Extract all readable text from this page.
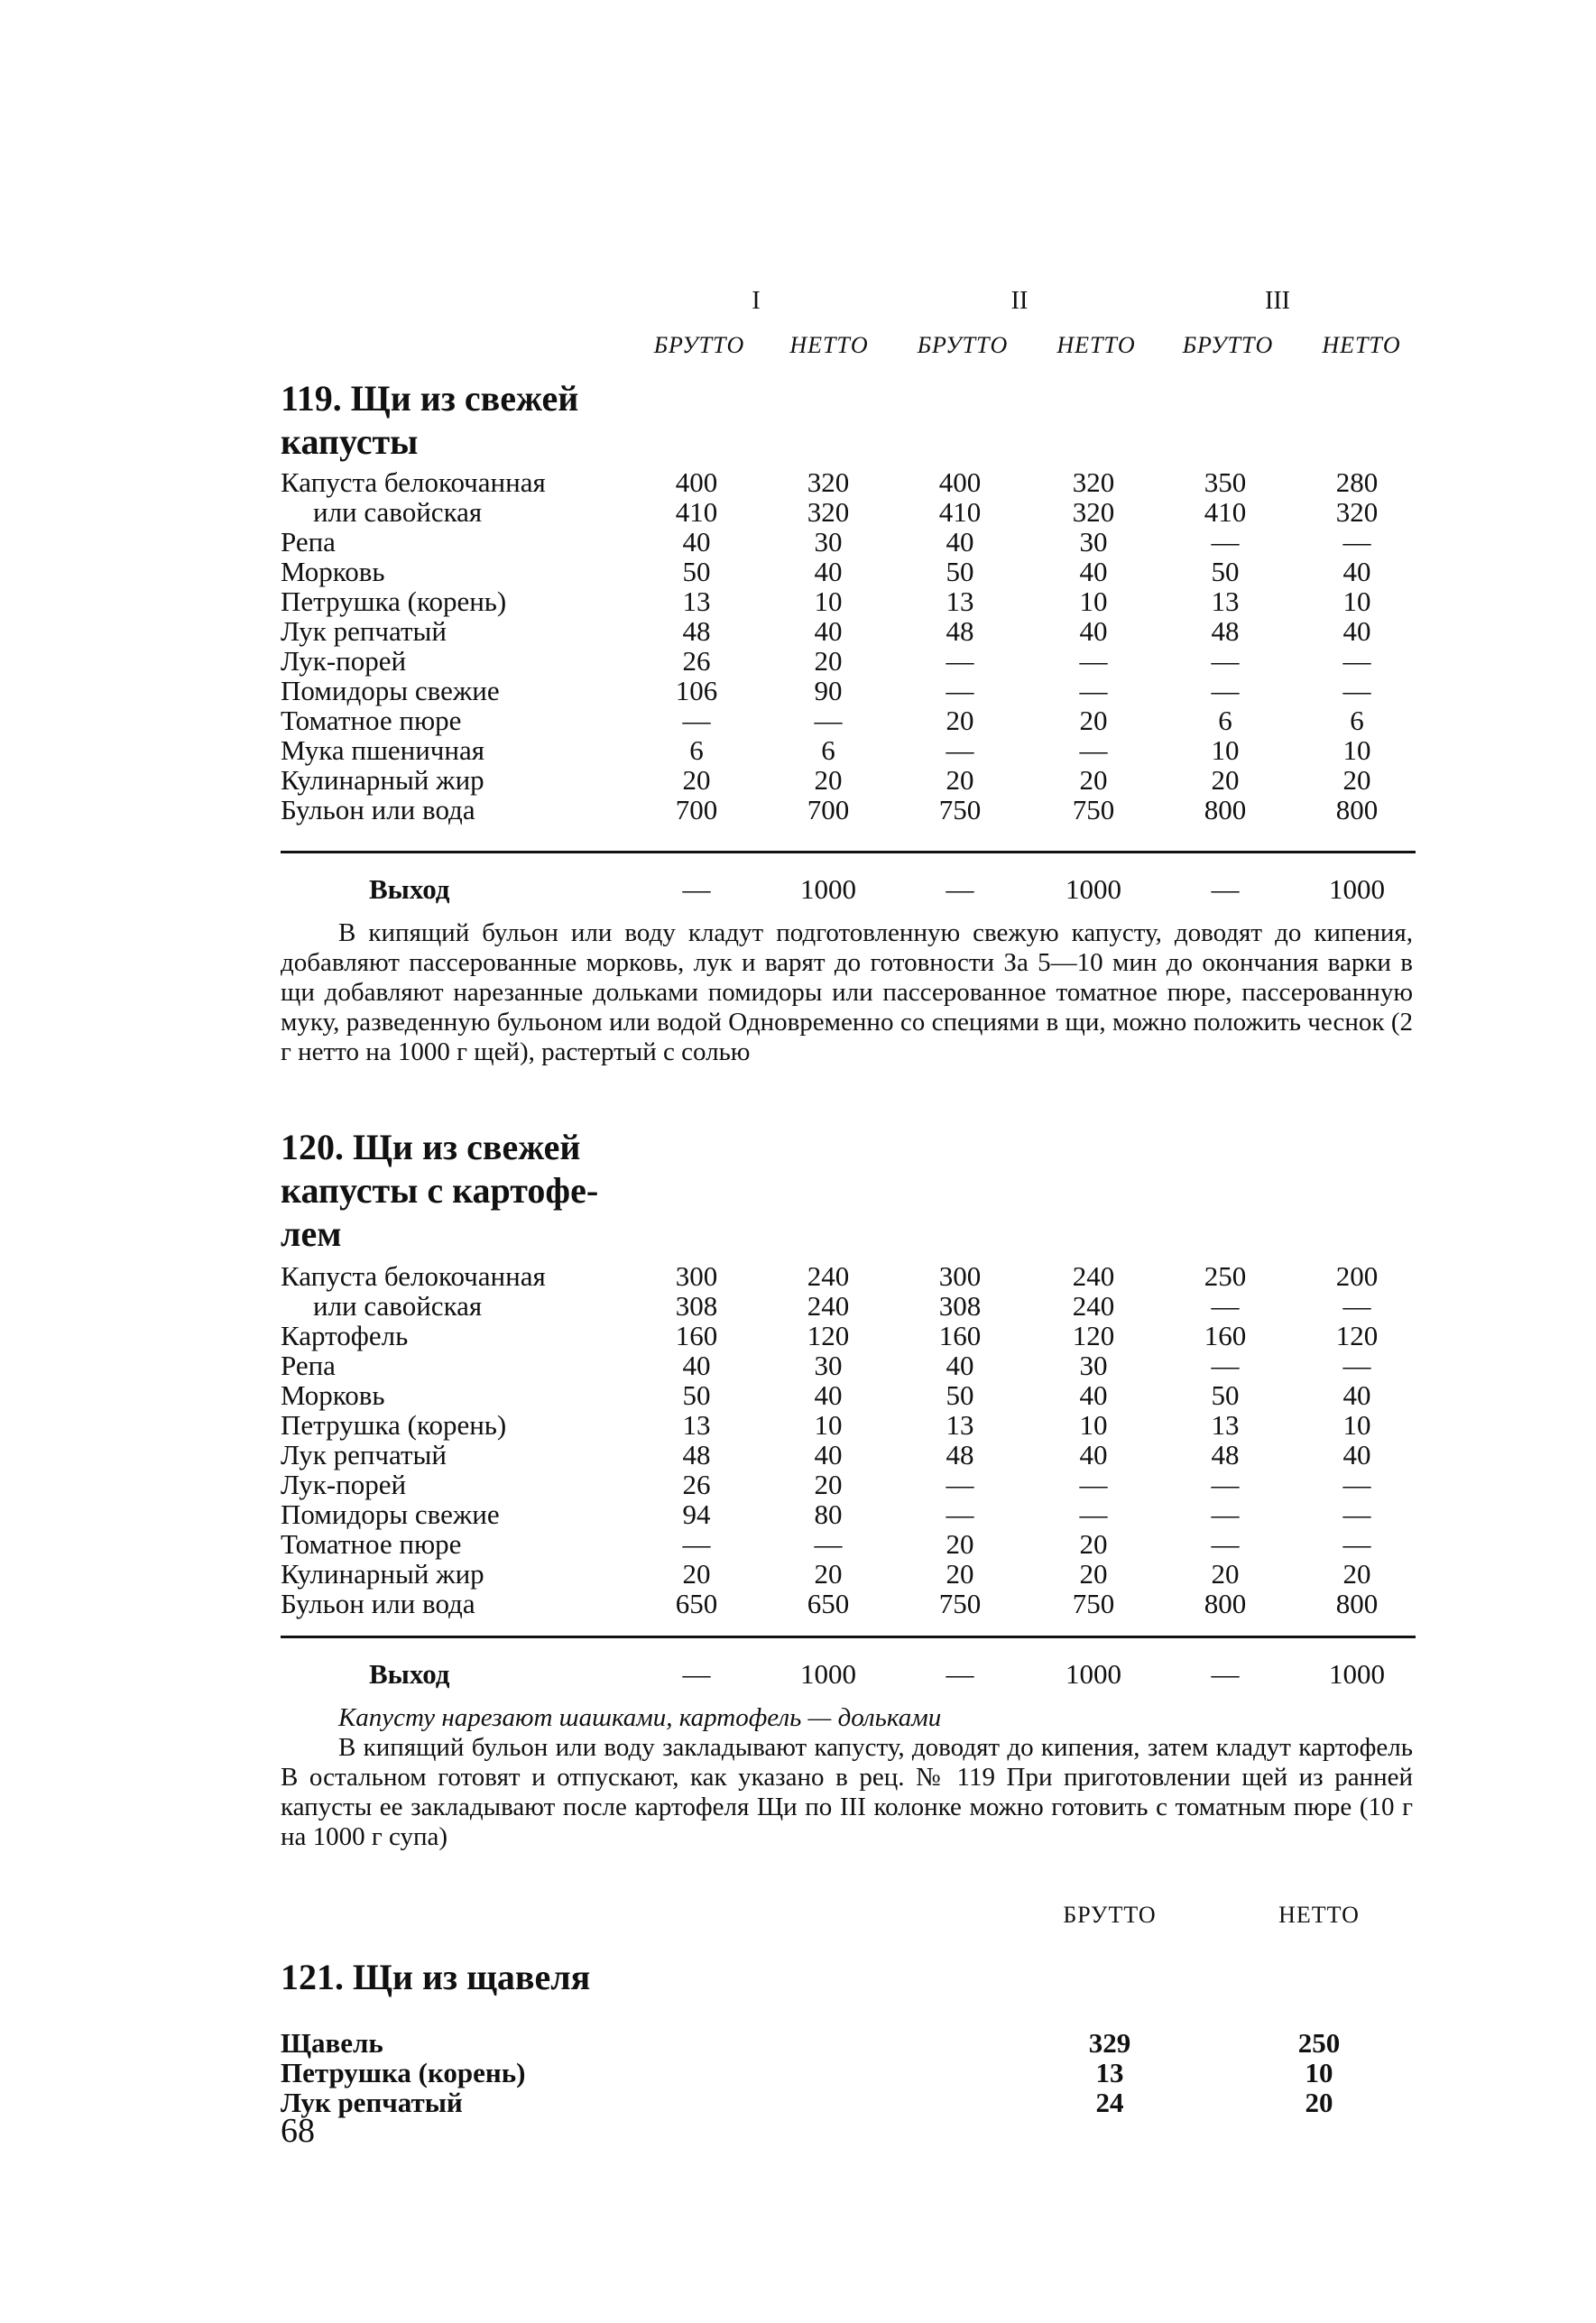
I	II	III
БРУТТО	НЕТТО	БРУТТО	НЕТТО	БРУТТО	НЕТТО
119. Щи из свежей
капусты
Капуста белокочанная	400	320	400	320	350	280
или савойская	410	320	410	320	410	320
Репа	40	30	40	30	—	—
Морковь	50	40	50	40	50	40
Петрушка (корень)	13	10	13	10	13	10
Лук репчатый	48	40	48	40	48	40
Лук-порей	26	20	—	—	—	—
Помидоры свежие	106	90	—	—	—	—
Томатное пюре	—	—	20	20	6	6
Мука пшеничная	6	6	—	—	10	10
Кулинарный жир	20	20	20	20	20	20
Бульон или вода	700	700	750	750	800	800
Выход	—	1000	—	1000	—	1000
В кипящий бульон или воду кладут подготовленную свежую капусту, доводят до кипения, добавляют пассерованные морковь, лук и варят до готовности За 5—10 мин до окончания варки в щи добавляют нарезанные дольками помидоры или пассерованное томатное пюре, пассерованную муку, разведенную бульоном или водой Одновременно со специями в щи, можно положить чеснок (2 г нетто на 1000 г щей), растертый с солью
120. Щи из свежей
капусты с картофе-
лем
Капуста белокочанная	300	240	300	240	250	200
или савойская	308	240	308	240	—	—
Картофель	160	120	160	120	160	120
Репа	40	30	40	30	—	—
Морковь	50	40	50	40	50	40
Петрушка (корень)	13	10	13	10	13	10
Лук репчатый	48	40	48	40	48	40
Лук-порей	26	20	—	—	—	—
Помидоры свежие	94	80	—	—	—	—
Томатное пюре	—	—	20	20	—	—
Кулинарный жир	20	20	20	20	20	20
Бульон или вода	650	650	750	750	800	800
Выход	—	1000	—	1000	—	1000
Капусту нарезают шашками, картофель — дольками
В кипящий бульон или воду закладывают капусту, доводят до кипения, затем кладут картофель В остальном готовят и отпускают, как указано в рец. № 119 При приготовлении щей из ранней капусты ее закладывают после картофеля Щи по III колонке можно готовить с томатным пюре (10 г на 1000 г супа)
БРУТТО	НЕТТО
121. Щи из щавеля
Щавель	329	250
Петрушка (корень)	13	10
Лук репчатый	24	20
68
